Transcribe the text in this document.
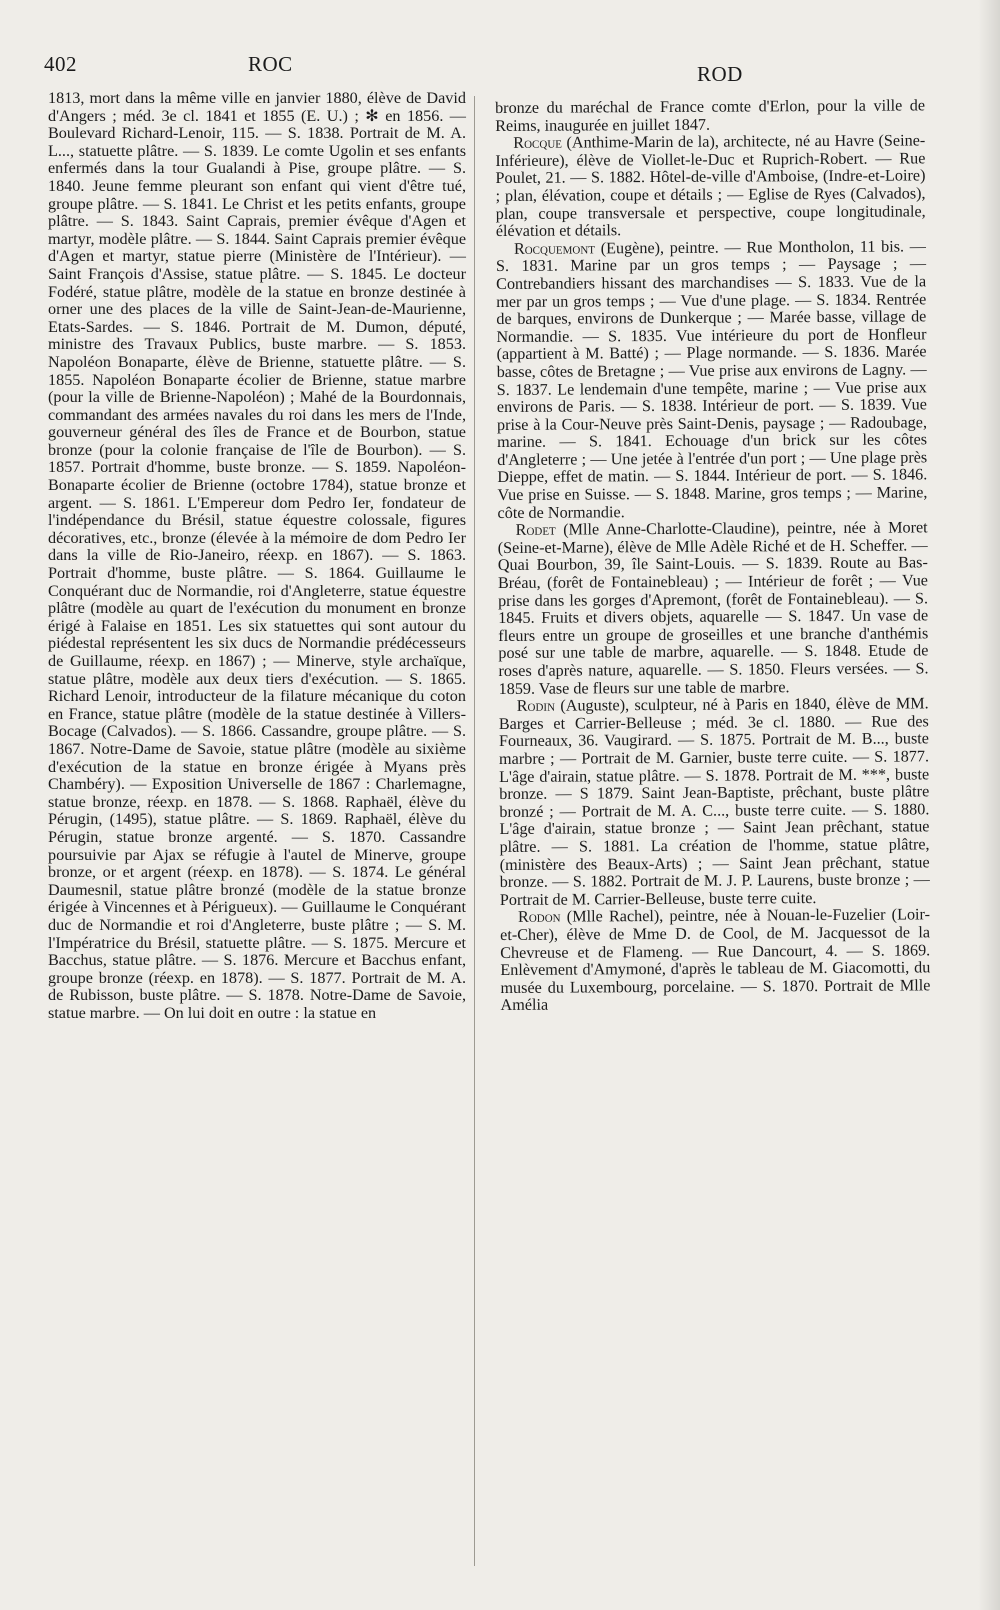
402	ROC	ROD

1813, mort dans la même ville en janvier 1880, élève de David d'Angers ; méd. 3e cl. 1841 et 1855 (E. U.) ; ✻ en 1856. — Boulevard Richard-Lenoir, 115. — S. 1838. Portrait de M. A. L..., statuette plâtre. — S. 1839. Le comte Ugolin et ses enfants enfermés dans la tour Gualandi à Pise, groupe plâtre. — S. 1840. Jeune femme pleurant son enfant qui vient d'être tué, groupe plâtre. — S. 1841. Le Christ et les petits enfants, groupe plâtre. — S. 1843. Saint Caprais, premier évêque d'Agen et martyr, modèle plâtre. — S. 1844. Saint Caprais premier évêque d'Agen et martyr, statue pierre (Ministère de l'Intérieur). — Saint François d'Assise, statue plâtre. — S. 1845. Le docteur Fodéré, statue plâtre, modèle de la statue en bronze destinée à orner une des places de la ville de Saint-Jean-de-Maurienne, Etats-Sardes. — S. 1846. Portrait de M. Dumon, député, ministre des Travaux Publics, buste marbre. — S. 1853. Napoléon Bonaparte, élève de Brienne, statuette plâtre. — S. 1855. Napoléon Bonaparte écolier de Brienne, statue marbre (pour la ville de Brienne-Napoléon) ; Mahé de la Bourdonnais, commandant des armées navales du roi dans les mers de l'Inde, gouverneur général des îles de France et de Bourbon, statue bronze (pour la colonie française de l'île de Bourbon). — S. 1857. Portrait d'homme, buste bronze. — S. 1859. Napoléon-Bonaparte écolier de Brienne (octobre 1784), statue bronze et argent. — S. 1861. L'Empereur dom Pedro Ier, fondateur de l'indépendance du Brésil, statue équestre colossale, figures décoratives, etc., bronze (élevée à la mémoire de dom Pedro Ier dans la ville de Rio-Janeiro, réexp. en 1867). — S. 1863. Portrait d'homme, buste plâtre. — S. 1864. Guillaume le Conquérant duc de Normandie, roi d'Angleterre, statue équestre plâtre (modèle au quart de l'exécution du monument en bronze érigé à Falaise en 1851. Les six statuettes qui sont autour du piédestal représentent les six ducs de Normandie prédécesseurs de Guillaume, réexp. en 1867) ; — Minerve, style archaïque, statue plâtre, modèle aux deux tiers d'exécution. — S. 1865. Richard Lenoir, introducteur de la filature mécanique du coton en France, statue plâtre (modèle de la statue destinée à Villers-Bocage (Calvados). — S. 1866. Cassandre, groupe plâtre. — S. 1867. Notre-Dame de Savoie, statue plâtre (modèle au sixième d'exécution de la statue en bronze érigée à Myans près Chambéry). — Exposition Universelle de 1867 : Charlemagne, statue bronze, réexp. en 1878. — S. 1868. Raphaël, élève du Pérugin, (1495), statue plâtre. — S. 1869. Raphaël, élève du Pérugin, statue bronze argenté. — S. 1870. Cassandre poursuivie par Ajax se réfugie à l'autel de Minerve, groupe bronze, or et argent (réexp. en 1878). — S. 1874. Le général Daumesnil, statue plâtre bronzé (modèle de la statue bronze érigée à Vincennes et à Périgueux). — Guillaume le Conquérant duc de Normandie et roi d'Angleterre, buste plâtre ; — S. M. l'Impératrice du Brésil, statuette plâtre. — S. 1875. Mercure et Bacchus, statue plâtre. — S. 1876. Mercure et Bacchus enfant, groupe bronze (réexp. en 1878). — S. 1877. Portrait de M. A. de Rubisson, buste plâtre. — S. 1878. Notre-Dame de Savoie, statue marbre. — On lui doit en outre : la statue en

bronze du maréchal de France comte d'Erlon, pour la ville de Reims, inaugurée en juillet 1847.

Rocque (Anthime-Marin de la), architecte, né au Havre (Seine-Inférieure), élève de Viollet-le-Duc et Ruprich-Robert. — Rue Poulet, 21. — S. 1882. Hôtel-de-ville d'Amboise, (Indre-et-Loire) ; plan, élévation, coupe et détails ; — Eglise de Ryes (Calvados), plan, coupe transversale et perspective, coupe longitudinale, élévation et détails.

Rocquemont (Eugène), peintre. — Rue Montholon, 11 bis. — S. 1831. Marine par un gros temps ; — Paysage ; — Contrebandiers hissant des marchandises — S. 1833. Vue de la mer par un gros temps ; — Vue d'une plage. — S. 1834. Rentrée de barques, environs de Dunkerque ; — Marée basse, village de Normandie. — S. 1835. Vue intérieure du port de Honfleur (appartient à M. Batté) ; — Plage normande. — S. 1836. Marée basse, côtes de Bretagne ; — Vue prise aux environs de Lagny. — S. 1837. Le lendemain d'une tempête, marine ; — Vue prise aux environs de Paris. — S. 1838. Intérieur de port. — S. 1839. Vue prise à la Cour-Neuve près Saint-Denis, paysage ; — Radoubage, marine. — S. 1841. Echouage d'un brick sur les côtes d'Angleterre ; — Une jetée à l'entrée d'un port ; — Une plage près Dieppe, effet de matin. — S. 1844. Intérieur de port. — S. 1846. Vue prise en Suisse. — S. 1848. Marine, gros temps ; — Marine, côte de Normandie.

Rodet (Mlle Anne-Charlotte-Claudine), peintre, née à Moret (Seine-et-Marne), élève de Mlle Adèle Riché et de H. Scheffer. — Quai Bourbon, 39, île Saint-Louis. — S. 1839. Route au Bas-Bréau, (forêt de Fontainebleau) ; — Intérieur de forêt ; — Vue prise dans les gorges d'Apremont, (forêt de Fontainebleau). — S. 1845. Fruits et divers objets, aquarelle — S. 1847. Un vase de fleurs entre un groupe de groseilles et une branche d'anthémis posé sur une table de marbre, aquarelle. — S. 1848. Etude de roses d'après nature, aquarelle. — S. 1850. Fleurs versées. — S. 1859. Vase de fleurs sur une table de marbre.

Rodin (Auguste), sculpteur, né à Paris en 1840, élève de MM. Barges et Carrier-Belleuse ; méd. 3e cl. 1880. — Rue des Fourneaux, 36. Vaugirard. — S. 1875. Portrait de M. B..., buste marbre ; — Portrait de M. Garnier, buste terre cuite. — S. 1877. L'âge d'airain, statue plâtre. — S. 1878. Portrait de M. ***, buste bronze. — S 1879. Saint Jean-Baptiste, prêchant, buste plâtre bronzé ; — Portrait de M. A. C..., buste terre cuite. — S. 1880. L'âge d'airain, statue bronze ; — Saint Jean prêchant, statue plâtre. — S. 1881. La création de l'homme, statue plâtre, (ministère des Beaux-Arts) ; — Saint Jean prêchant, statue bronze. — S. 1882. Portrait de M. J. P. Laurens, buste bronze ; — Portrait de M. Carrier-Belleuse, buste terre cuite.

Rodon (Mlle Rachel), peintre, née à Nouan-le-Fuzelier (Loir-et-Cher), élève de Mme D. de Cool, de M. Jacquessot de la Chevreuse et de Flameng. — Rue Dancourt, 4. — S. 1869. Enlèvement d'Amymoné, d'après le tableau de M. Giacomotti, du musée du Luxembourg, porcelaine. — S. 1870. Portrait de Mlle Amélia
